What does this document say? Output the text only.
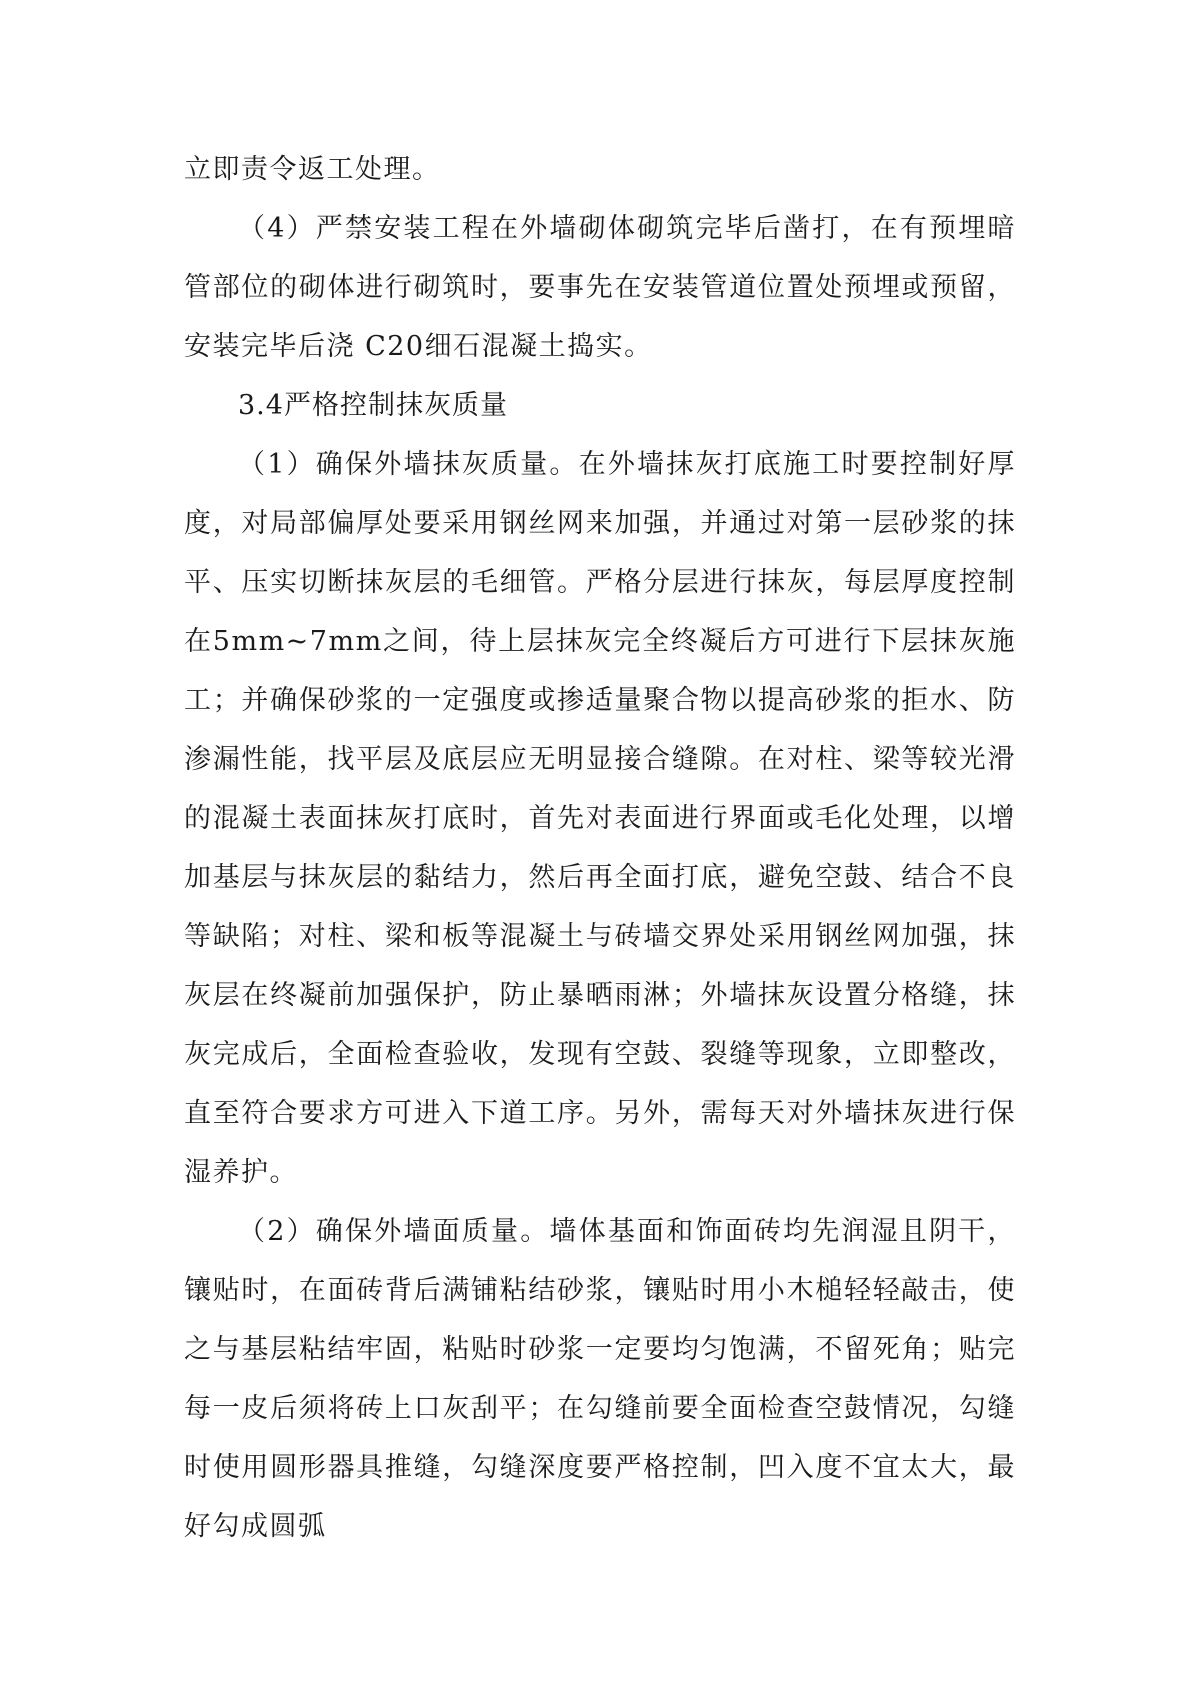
立即责令返工处理。

（4）严禁安装工程在外墙砌体砌筑完毕后凿打，在有预埋暗管部位的砌体进行砌筑时，要事先在安装管道位置处预埋或预留，安装完毕后浇 C20细石混凝土捣实。

3.4严格控制抹灰质量

（1）确保外墙抹灰质量。在外墙抹灰打底施工时要控制好厚度，对局部偏厚处要采用钢丝网来加强，并通过对第一层砂浆的抹平、压实切断抹灰层的毛细管。严格分层进行抹灰，每层厚度控制在5mm~7mm之间，待上层抹灰完全终凝后方可进行下层抹灰施工；并确保砂浆的一定强度或掺适量聚合物以提高砂浆的拒水、防渗漏性能，找平层及底层应无明显接合缝隙。在对柱、梁等较光滑的混凝土表面抹灰打底时，首先对表面进行界面或毛化处理，以增加基层与抹灰层的黏结力，然后再全面打底，避免空鼓、结合不良等缺陷；对柱、梁和板等混凝土与砖墙交界处采用钢丝网加强，抹灰层在终凝前加强保护，防止暴晒雨淋；外墙抹灰设置分格缝，抹灰完成后，全面检查验收，发现有空鼓、裂缝等现象，立即整改，直至符合要求方可进入下道工序。另外，需每天对外墙抹灰进行保湿养护。

（2）确保外墙面质量。墙体基面和饰面砖均先润湿且阴干，镶贴时，在面砖背后满铺粘结砂浆，镶贴时用小木槌轻轻敲击，使之与基层粘结牢固，粘贴时砂浆一定要均匀饱满，不留死角；贴完每一皮后须将砖上口灰刮平；在勾缝前要全面检查空鼓情况，勾缝时使用圆形器具推缝，勾缝深度要严格控制，凹入度不宜太大，最好勾成圆弧
